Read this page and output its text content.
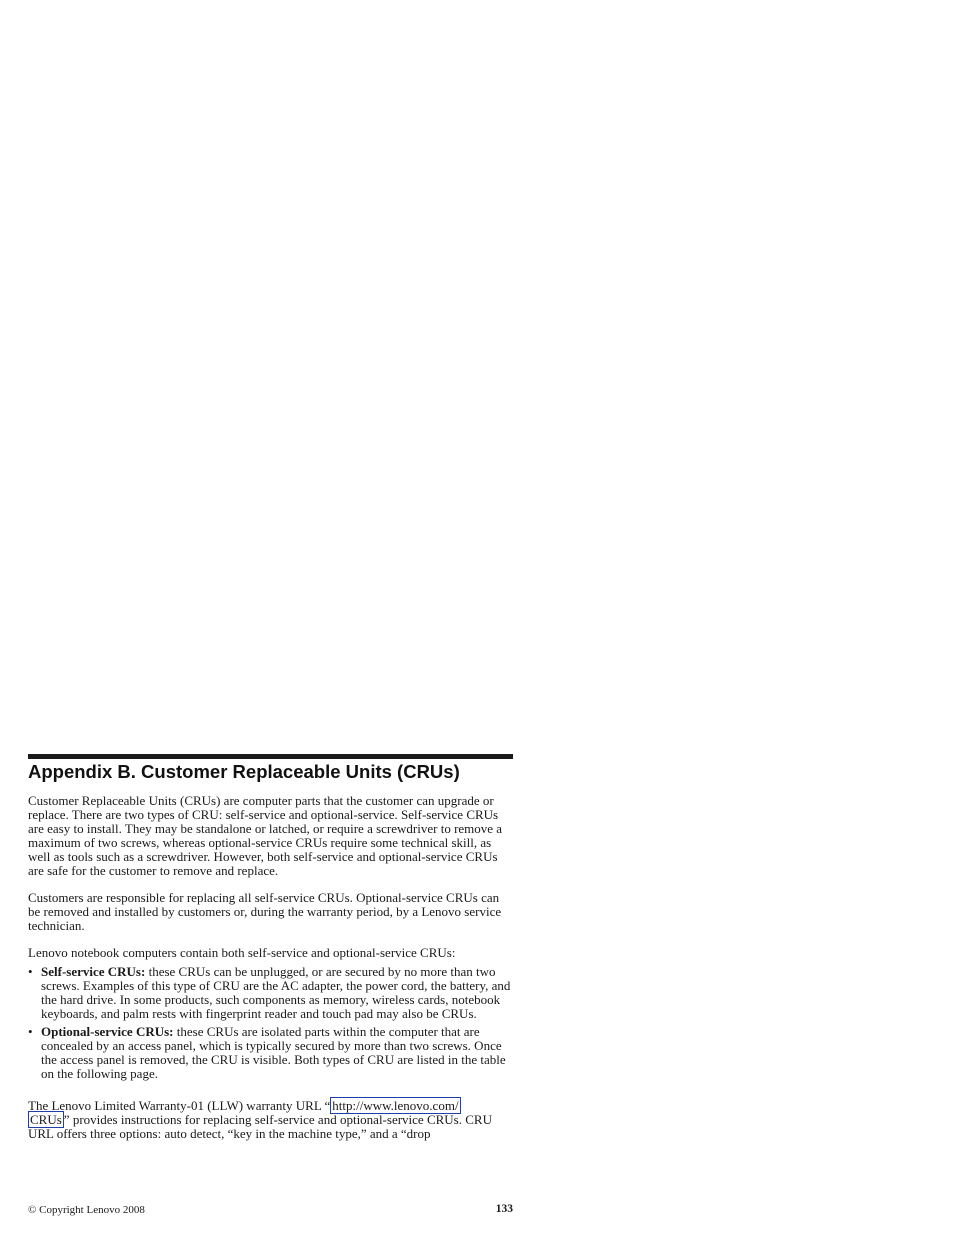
Appendix B. Customer Replaceable Units (CRUs)

Customer Replaceable Units (CRUs) are computer parts that the customer can upgrade or replace. There are two types of CRU: self-service and optional-service. Self-service CRUs are easy to install. They may be standalone or latched, or require a screwdriver to remove a maximum of two screws, whereas optional-service CRUs require some technical skill, as well as tools such as a screwdriver. However, both self-service and optional-service CRUs are safe for the customer to remove and replace.

Customers are responsible for replacing all self-service CRUs. Optional-service CRUs can be removed and installed by customers or, during the warranty period, by a Lenovo service technician.

Lenovo notebook computers contain both self-service and optional-service CRUs:

• Self-service CRUs: these CRUs can be unplugged, or are secured by no more than two screws. Examples of this type of CRU are the AC adapter, the power cord, the battery, and the hard drive. In some products, such components as memory, wireless cards, notebook keyboards, and palm rests with fingerprint reader and touch pad may also be CRUs.
• Optional-service CRUs: these CRUs are isolated parts within the computer that are concealed by an access panel, which is typically secured by more than two screws. Once the access panel is removed, the CRU is visible. Both types of CRU are listed in the table on the following page.

The Lenovo Limited Warranty-01 (LLW) warranty URL “ http://www.lenovo.com/
CRUs ” provides instructions for replacing self-service and optional-service CRUs. CRU URL offers three options: auto detect, “key in the machine type,” and a “drop

© Copyright Lenovo 2008	133
